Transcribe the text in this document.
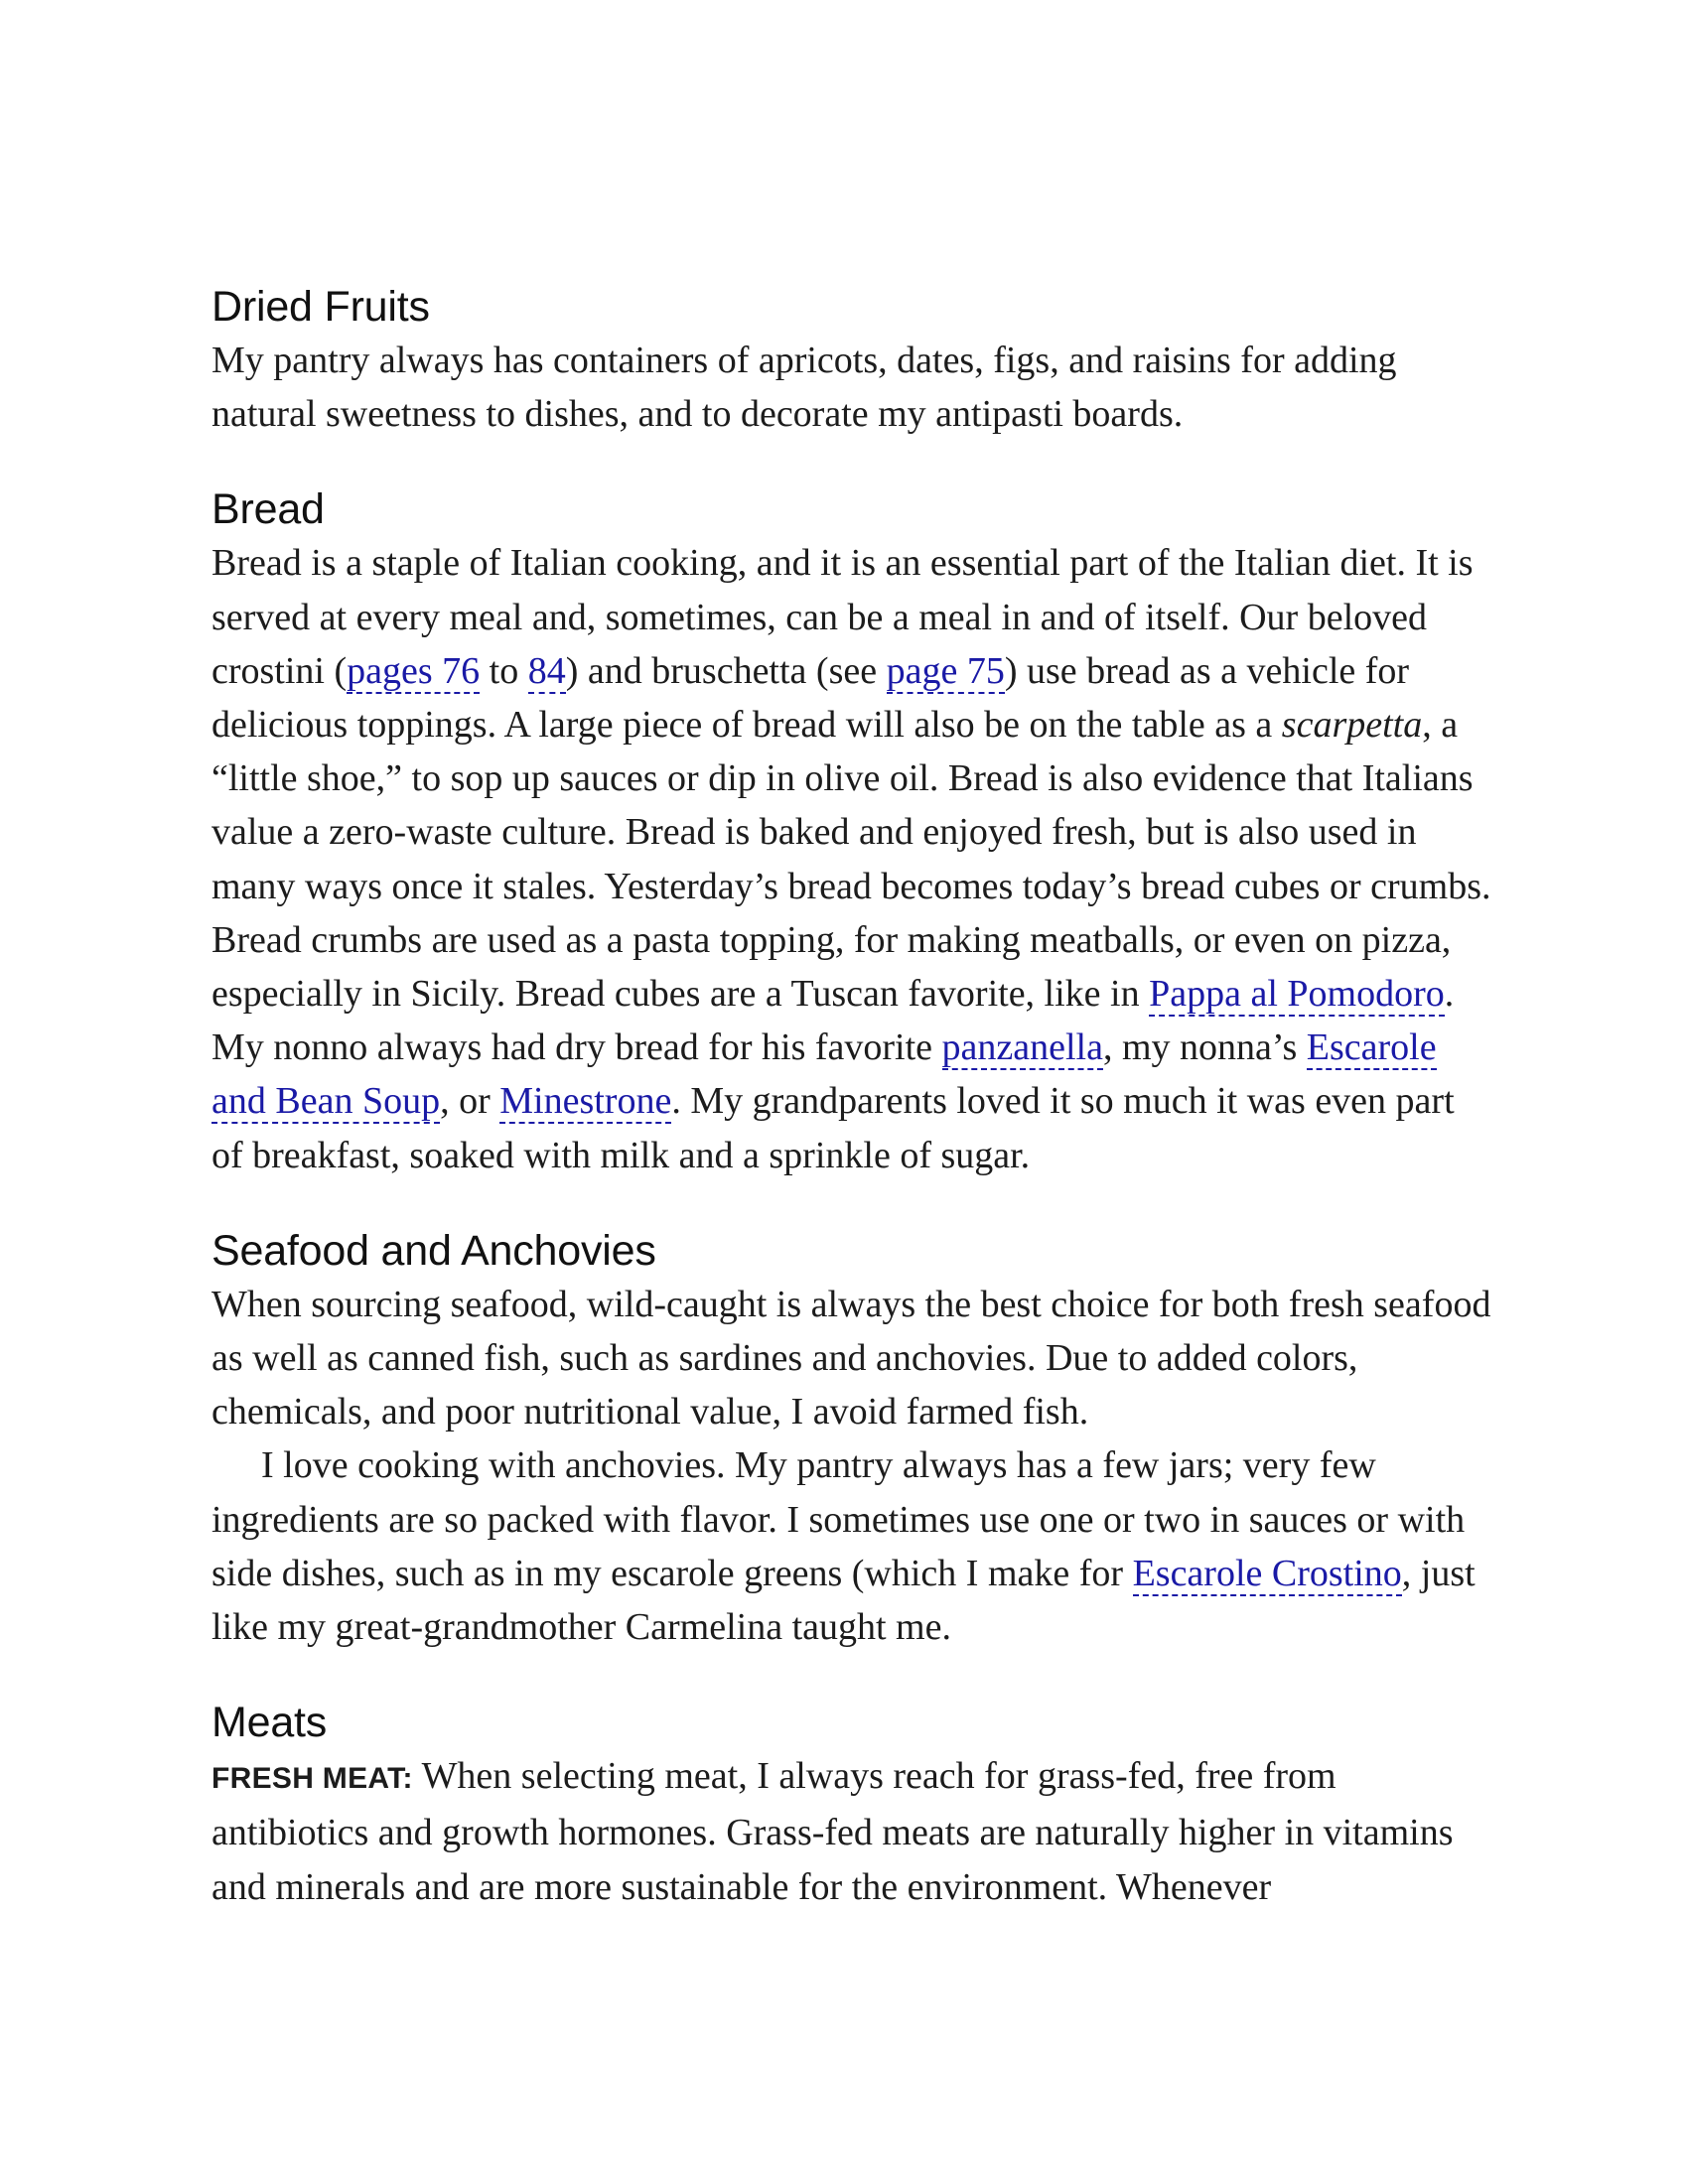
Dried Fruits

My pantry always has containers of apricots, dates, figs, and raisins for adding natural sweetness to dishes, and to decorate my antipasti boards.

Bread

Bread is a staple of Italian cooking, and it is an essential part of the Italian diet. It is served at every meal and, sometimes, can be a meal in and of itself. Our beloved crostini (pages 76 to 84) and bruschetta (see page 75) use bread as a vehicle for delicious toppings. A large piece of bread will also be on the table as a scarpetta, a “little shoe,” to sop up sauces or dip in olive oil. Bread is also evidence that Italians value a zero-waste culture. Bread is baked and enjoyed fresh, but is also used in many ways once it stales. Yesterday’s bread becomes today’s bread cubes or crumbs. Bread crumbs are used as a pasta topping, for making meatballs, or even on pizza, especially in Sicily. Bread cubes are a Tuscan favorite, like in Pappa al Pomodoro. My nonno always had dry bread for his favorite panzanella, my nonna’s Escarole and Bean Soup, or Minestrone. My grandparents loved it so much it was even part of breakfast, soaked with milk and a sprinkle of sugar.

Seafood and Anchovies

When sourcing seafood, wild-caught is always the best choice for both fresh seafood as well as canned fish, such as sardines and anchovies. Due to added colors, chemicals, and poor nutritional value, I avoid farmed fish.

I love cooking with anchovies. My pantry always has a few jars; very few ingredients are so packed with flavor. I sometimes use one or two in sauces or with side dishes, such as in my escarole greens (which I make for Escarole Crostino, just like my great-grandmother Carmelina taught me.

Meats

FRESH MEAT: When selecting meat, I always reach for grass-fed, free from antibiotics and growth hormones. Grass-fed meats are naturally higher in vitamins and minerals and are more sustainable for the environment. Whenever
